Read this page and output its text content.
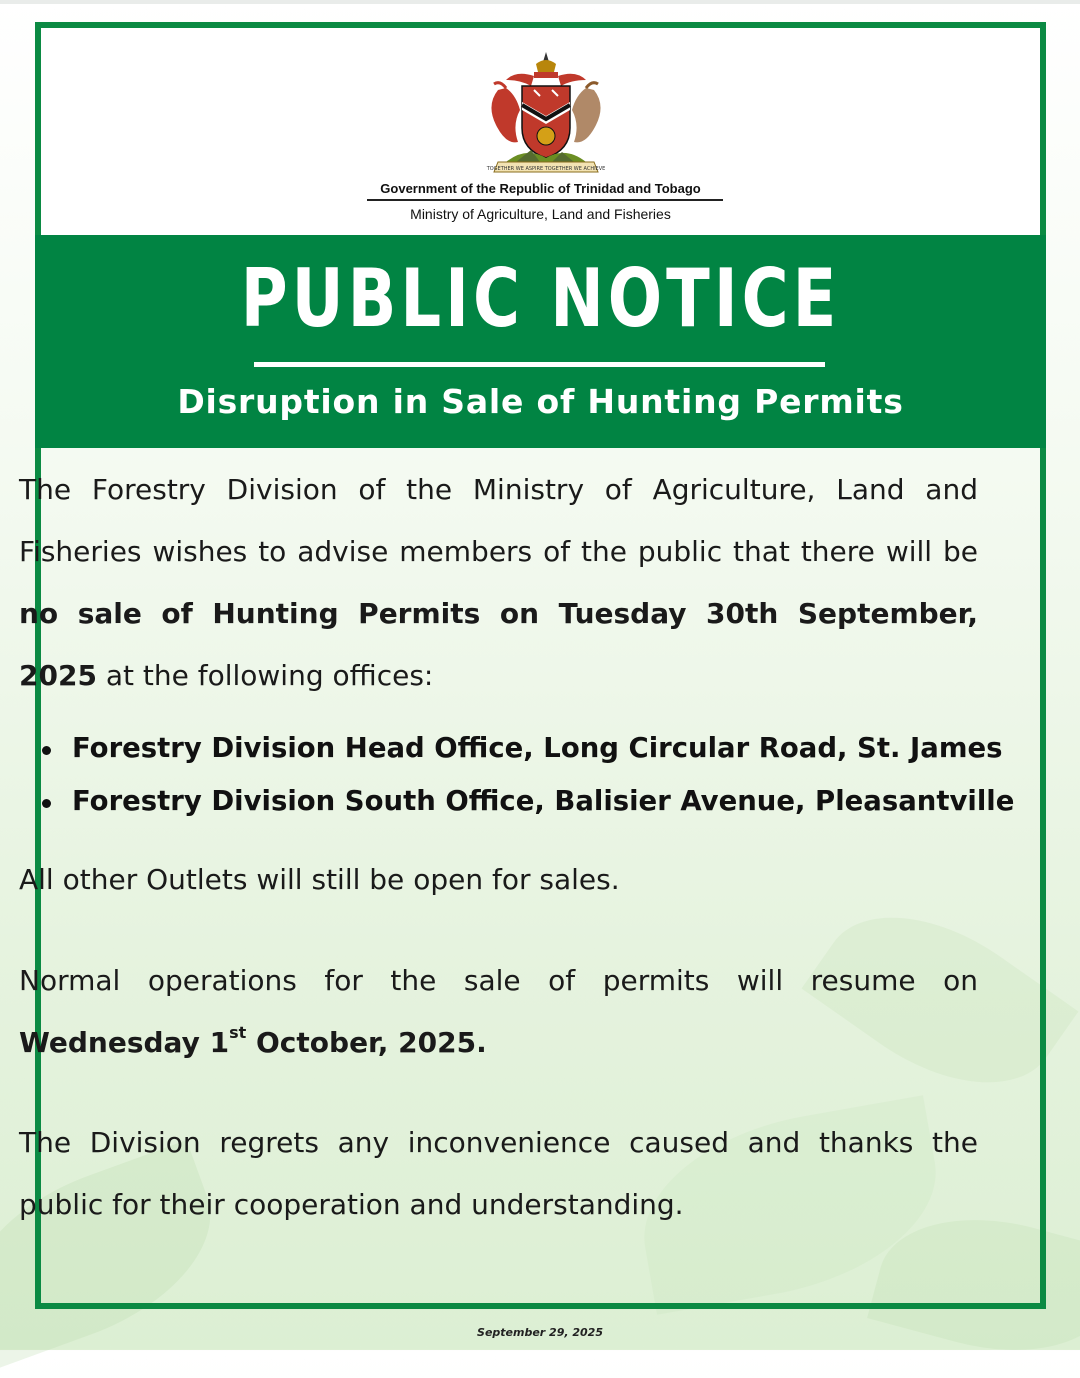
TOGETHER WE ASPIRE TOGETHER WE ACHIEVE
Government of the Republic of Trinidad and Tobago
Ministry of Agriculture, Land and Fisheries
PUBLIC NOTICE
Disruption in Sale of Hunting Permits
The Forestry Division of the Ministry of Agriculture, Land and Fisheries wishes to advise members of the public that there will be no sale of Hunting Permits on Tuesday 30th September, 2025 at the following offices:
Forestry Division Head Office, Long Circular Road, St. James
Forestry Division South Office, Balisier Avenue, Pleasantville
All other Outlets will still be open for sales.
Normal operations for the sale of permits will resume on Wednesday 1st October, 2025.
The Division regrets any inconvenience caused and thanks the public for their cooperation and understanding.
September 29, 2025
